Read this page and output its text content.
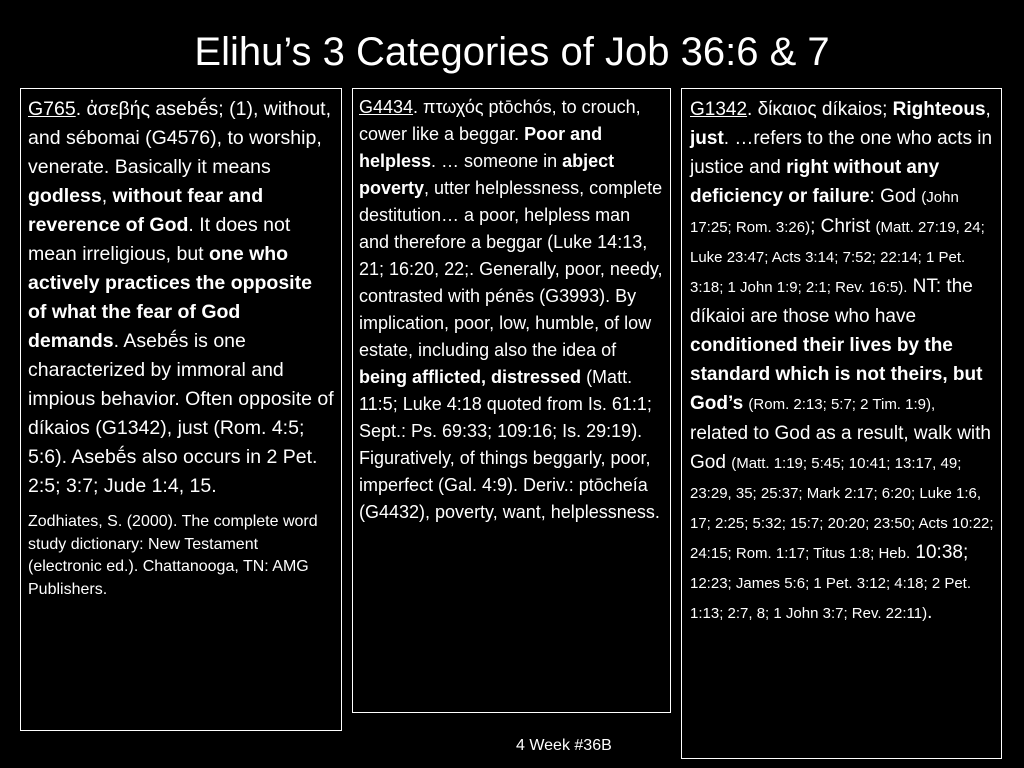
Elihu’s 3 Categories of Job 36:6 & 7

G765. ἀσεβής asebḗs; (1), without, and sébomai (G4576), to worship, venerate. Basically it means godless, without fear and reverence of God. It does not mean irreligious, but one who actively practices the opposite of what the fear of God demands. Asebḗs is one characterized by immoral and impious behavior. Often opposite of díkaios (G1342), just (Rom. 4:5; 5:6). Asebḗs also occurs in 2 Pet. 2:5; 3:7; Jude 1:4, 15.

Zodhiates, S. (2000). The complete word study dictionary: New Testament (electronic ed.). Chattanooga, TN: AMG Publishers.

G4434. πτωχός ptōchós, to crouch, cower like a beggar. Poor and helpless. … someone in abject poverty, utter helplessness, complete destitution… a poor, helpless man and therefore a beggar (Luke 14:13, 21; 16:20, 22;. Generally, poor, needy, contrasted with pénēs (G3993). By implication, poor, low, humble, of low estate, including also the idea of being afflicted, distressed (Matt. 11:5; Luke 4:18 quoted from Is. 61:1; Sept.: Ps. 69:33; 109:16; Is. 29:19). Figuratively, of things beggarly, poor, imperfect (Gal. 4:9). Deriv.: ptōcheía (G4432), poverty, want, helplessness.

G1342. δίκαιος díkaios; Righteous, just. …refers to the one who acts in justice and right without any deficiency or failure: God (John 17:25; Rom. 3:26); Christ (Matt. 27:19, 24; Luke 23:47; Acts 3:14; 7:52; 22:14; 1 Pet. 3:18; 1 John 1:9; 2:1; Rev. 16:5). NT: the díkaioi are those who have conditioned their lives by the standard which is not theirs, but God’s (Rom. 2:13; 5:7; 2 Tim. 1:9), related to God as a result, walk with God (Matt. 1:19; 5:45; 10:41; 13:17, 49; 23:29, 35; 25:37; Mark 2:17; 6:20; Luke 1:6, 17; 2:25; 5:32; 15:7; 20:20; 23:50; Acts 10:22; 24:15; Rom. 1:17; Titus 1:8; Heb. 10:38; 12:23; James 5:6; 1 Pet. 3:12; 4:18; 2 Pet. 1:13; 2:7, 8; 1 John 3:7; Rev. 22:11).

4 Week #36B
